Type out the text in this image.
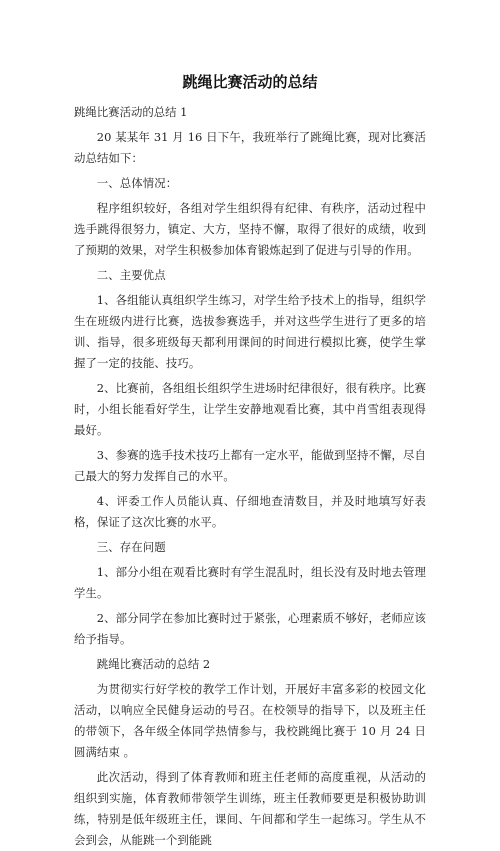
跳绳比赛活动的总结

跳绳比赛活动的总结 1

20 某某年 31 月 16 日下午，我班举行了跳绳比赛，现对比赛活动总结如下：

一、总体情况：

程序组织较好，各组对学生组织得有纪律、有秩序，活动过程中选手跳得很努力，镇定、大方，坚持不懈，取得了很好的成绩，收到了预期的效果，对学生积极参加体育锻炼起到了促进与引导的作用。

二、主要优点

1、各组能认真组织学生练习，对学生给予技术上的指导，组织学生在班级内进行比赛，选拔参赛选手，并对这些学生进行了更多的培训、指导，很多班级每天都利用课间的时间进行模拟比赛，使学生掌握了一定的技能、技巧。

2、比赛前，各组组长组织学生进场时纪律很好，很有秩序。比赛时，小组长能看好学生，让学生安静地观看比赛，其中肖雪组表现得最好。

3、参赛的选手技术技巧上都有一定水平，能做到坚持不懈，尽自己最大的努力发挥自己的水平。

4、评委工作人员能认真、仔细地查清数目，并及时地填写好表格，保证了这次比赛的水平。

三、存在问题

1、部分小组在观看比赛时有学生混乱时，组长没有及时地去管理学生。

2、部分同学在参加比赛时过于紧张，心理素质不够好，老师应该给予指导。

跳绳比赛活动的总结 2

为贯彻实行好学校的教学工作计划，开展好丰富多彩的校园文化活动，以响应全民健身运动的号召。在校领导的指导下，以及班主任的带领下，各年级全体同学热情参与，我校跳绳比赛于 10 月 24 日圆满结束 。

此次活动，得到了体育教师和班主任老师的高度重视，从活动的组织到实施，体育教师带领学生训练，班主任教师要更是积极协助训练，特别是低年级班主任，课间、午间都和学生一起练习。学生从不会到会，从能跳一个到能跳
